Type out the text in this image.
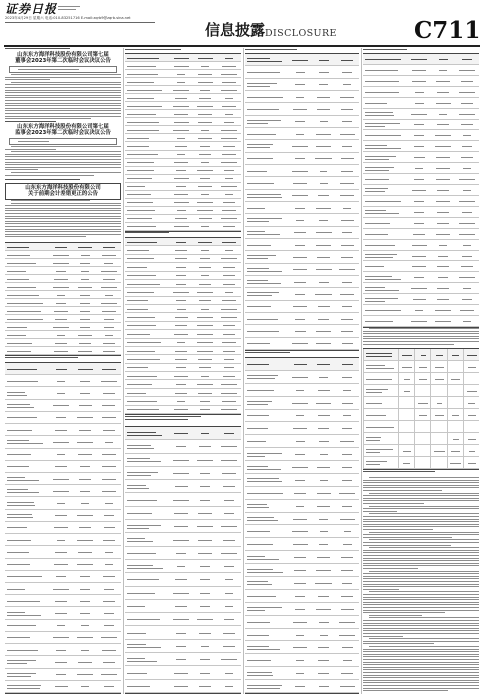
证券日报
2023年4月29日 星期六 电话:010-83251716 E-mail:zqrb9@zqrb.sina.net
信息披露 DISCLOSURE	C711
山东东方海洋科技股份有限公司第七届
董事会2023年第二次临时会议决议公告
山东东方海洋科技股份有限公司第七届
监事会2023年第二次临时会议决议公告
山东东方海洋科技股份有限公司
关于前期会计差错更正的公告
